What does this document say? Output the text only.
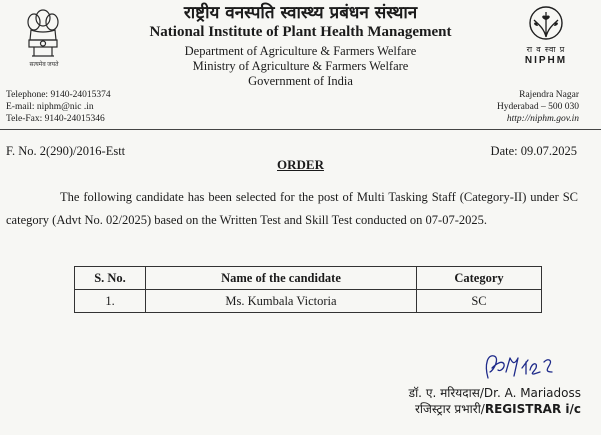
सत्यमेव जयते
रा व स्वा प्र
NIPHM
राष्ट्रीय वनस्पति स्वास्थ्य प्रबंधन संस्थान
National Institute of Plant Health Management
Department of Agriculture & Farmers Welfare
Ministry of Agriculture & Farmers Welfare
Government of India
Telephone: 9140-24015374
E-mail: niphm@nic .in
Tele-Fax: 9140-24015346
Rajendra Nagar
Hyderabad – 500 030
http://niphm.gov.in
F. No. 2(290)/2016-Estt	Date: 09.07.2025
ORDER
The following candidate has been selected for the post of Multi Tasking Staff (Category-II) under SC category (Advt No. 02/2025) based on the Written Test and Skill Test conducted on 07-07-2025.
S. No.	Name of the candidate	Category
1.	Ms. Kumbala Victoria	SC
डॉ. ए. मरियदास/Dr. A. Mariadoss
रजिस्ट्रार प्रभारी/REGISTRAR i/c
